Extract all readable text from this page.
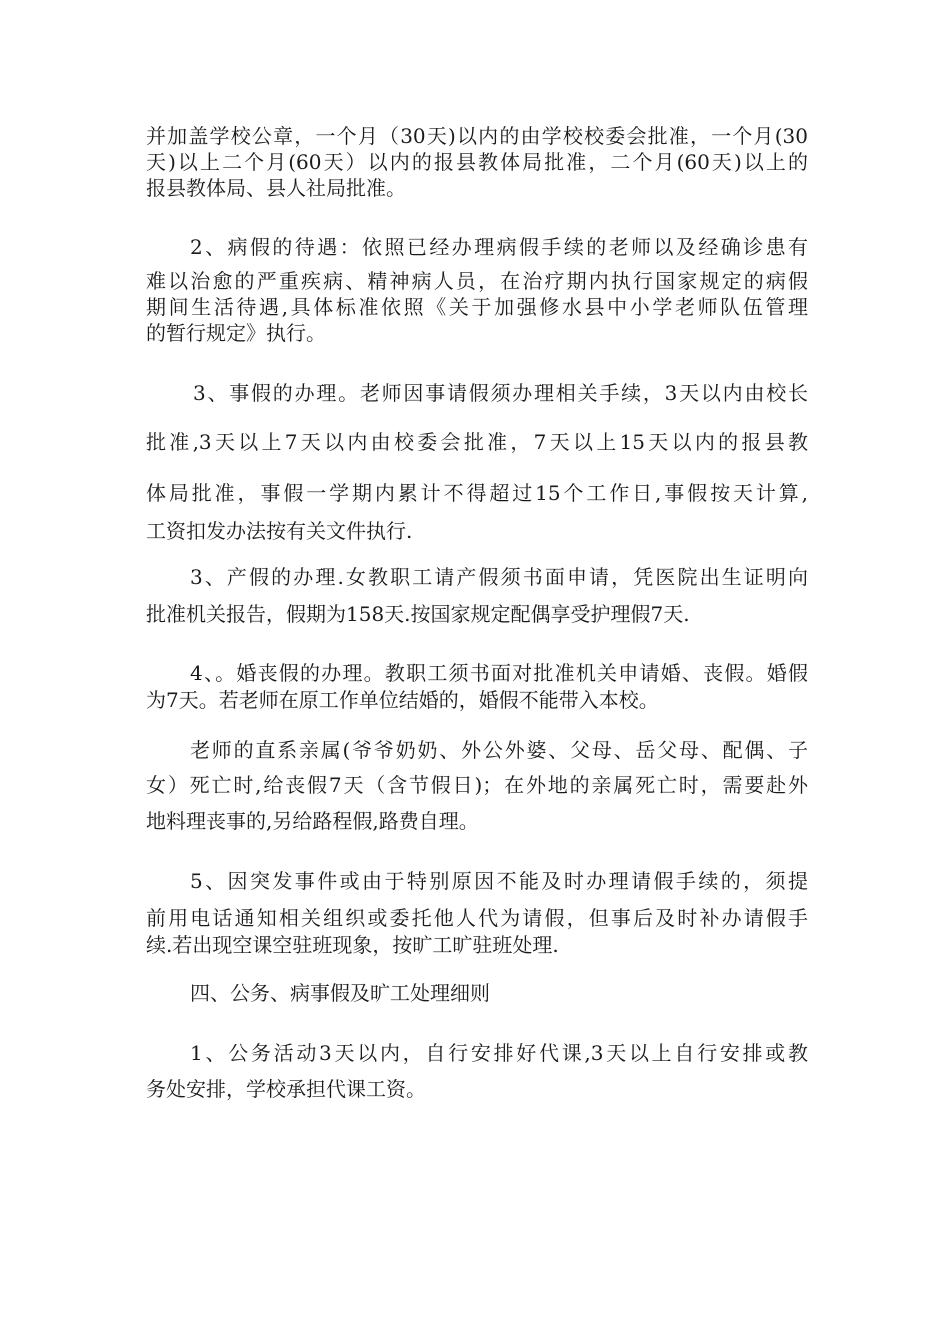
并加盖学校公章，一个月（30天)以内的由学校校委会批准，一个月(30
天)以上二个月(60天）以内的报县教体局批准，二个月(60天)以上的
报县教体局、县人社局批准。
2、病假的待遇：依照已经办理病假手续的老师以及经确诊患有
难以治愈的严重疾病、精神病人员，在治疗期内执行国家规定的病假
期间生活待遇,具体标准依照《关于加强修水县中小学老师队伍管理
的暂行规定》执行。
3、事假的办理。老师因事请假须办理相关手续，3天以内由校长
批准,3天以上7天以内由校委会批准，7天以上15天以内的报县教
体局批准，事假一学期内累计不得超过15个工作日,事假按天计算,
工资扣发办法按有关文件执行.
3、产假的办理.女教职工请产假须书面申请，凭医院出生证明向
批准机关报告，假期为158天.按国家规定配偶享受护理假7天.
4、。婚丧假的办理。教职工须书面对批准机关申请婚、丧假。婚假
为7天。若老师在原工作单位结婚的，婚假不能带入本校。
老师的直系亲属(爷爷奶奶、外公外婆、父母、岳父母、配偶、子
女）死亡时,给丧假7天（含节假日)；在外地的亲属死亡时，需要赴外
地料理丧事的,另给路程假,路费自理。
5、因突发事件或由于特别原因不能及时办理请假手续的，须提
前用电话通知相关组织或委托他人代为请假，但事后及时补办请假手
续.若出现空课空驻班现象，按旷工旷驻班处理.
四、公务、病事假及旷工处理细则
1、公务活动3天以内，自行安排好代课,3天以上自行安排或教
务处安排，学校承担代课工资。
